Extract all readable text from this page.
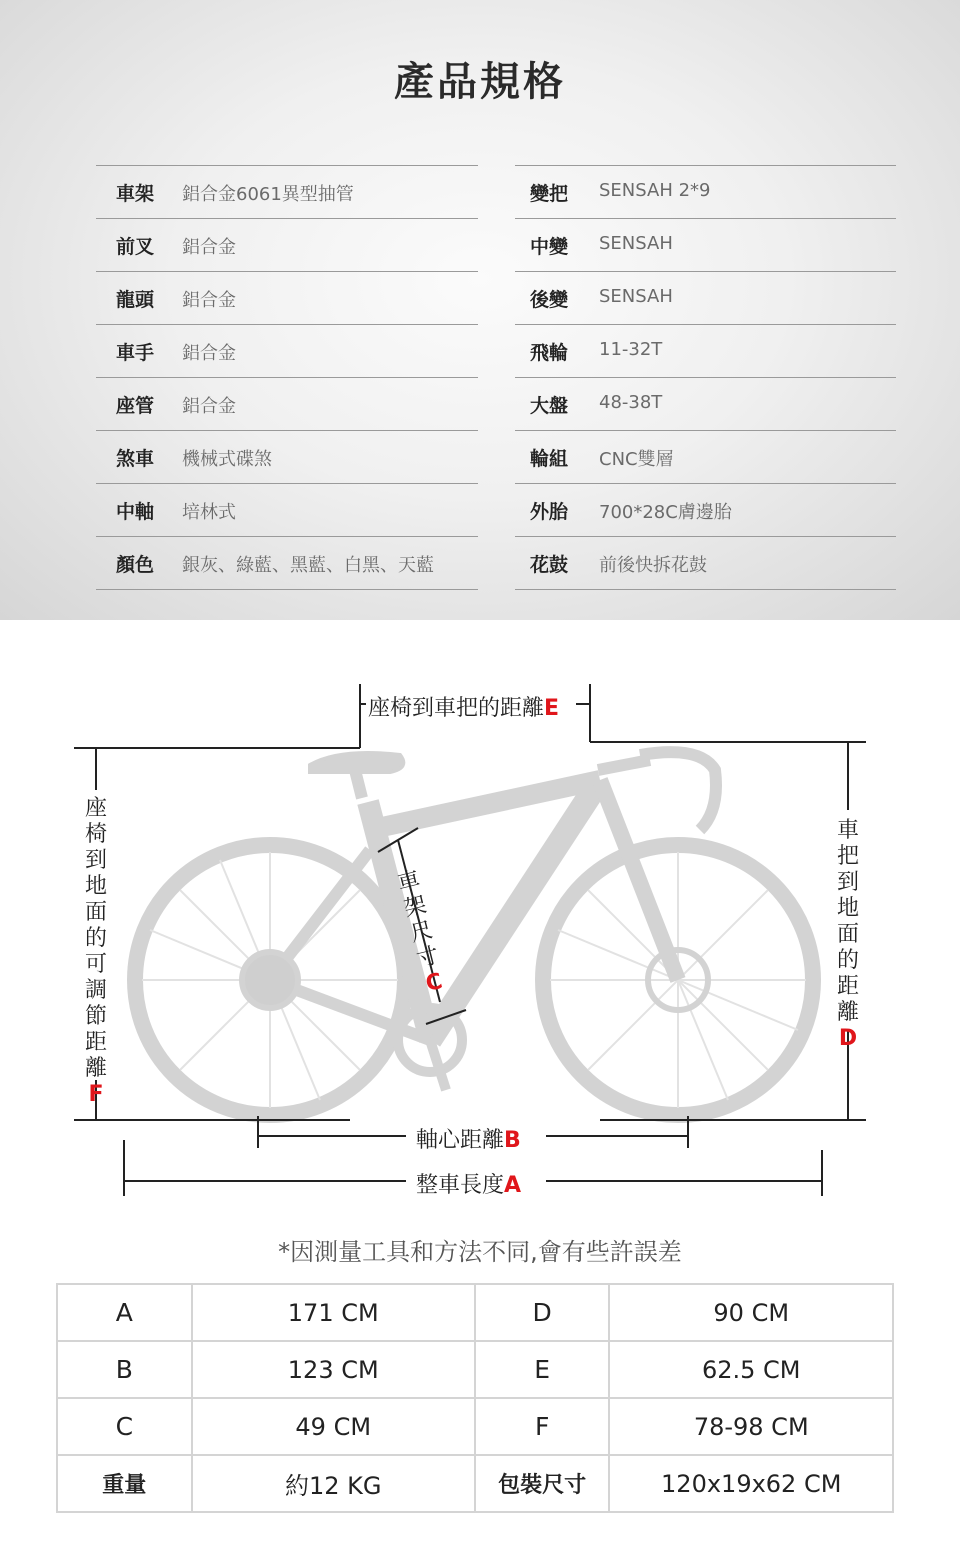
產品規格
車架 鋁合金6061異型抽管
前叉 鋁合金
龍頭 鋁合金
車手 鋁合金
座管 鋁合金
煞車 機械式碟煞
中軸 培林式
顏色 銀灰、綠藍、黑藍、白黑、天藍
變把 SENSAH 2*9
中變 SENSAH
後變 SENSAH
飛輪 11-32T
大盤 48-38T
輪組 CNC雙層
外胎 700*28C膚邊胎
花鼓 前後快拆花鼓
座椅到車把的距離E
座
椅
到
地
面
的
可
調
節
距
離
F
車
把
到
地
面
的
距
離
D
車
架
尺
寸
C
軸心距離B
整車長度A
*因測量工具和方法不同,會有些許誤差
A	171 CM	D	90 CM
B	123 CM	E	62.5 CM
C	49 CM	F	78-98 CM
重量	約12 KG	包裝尺寸	120x19x62 CM
